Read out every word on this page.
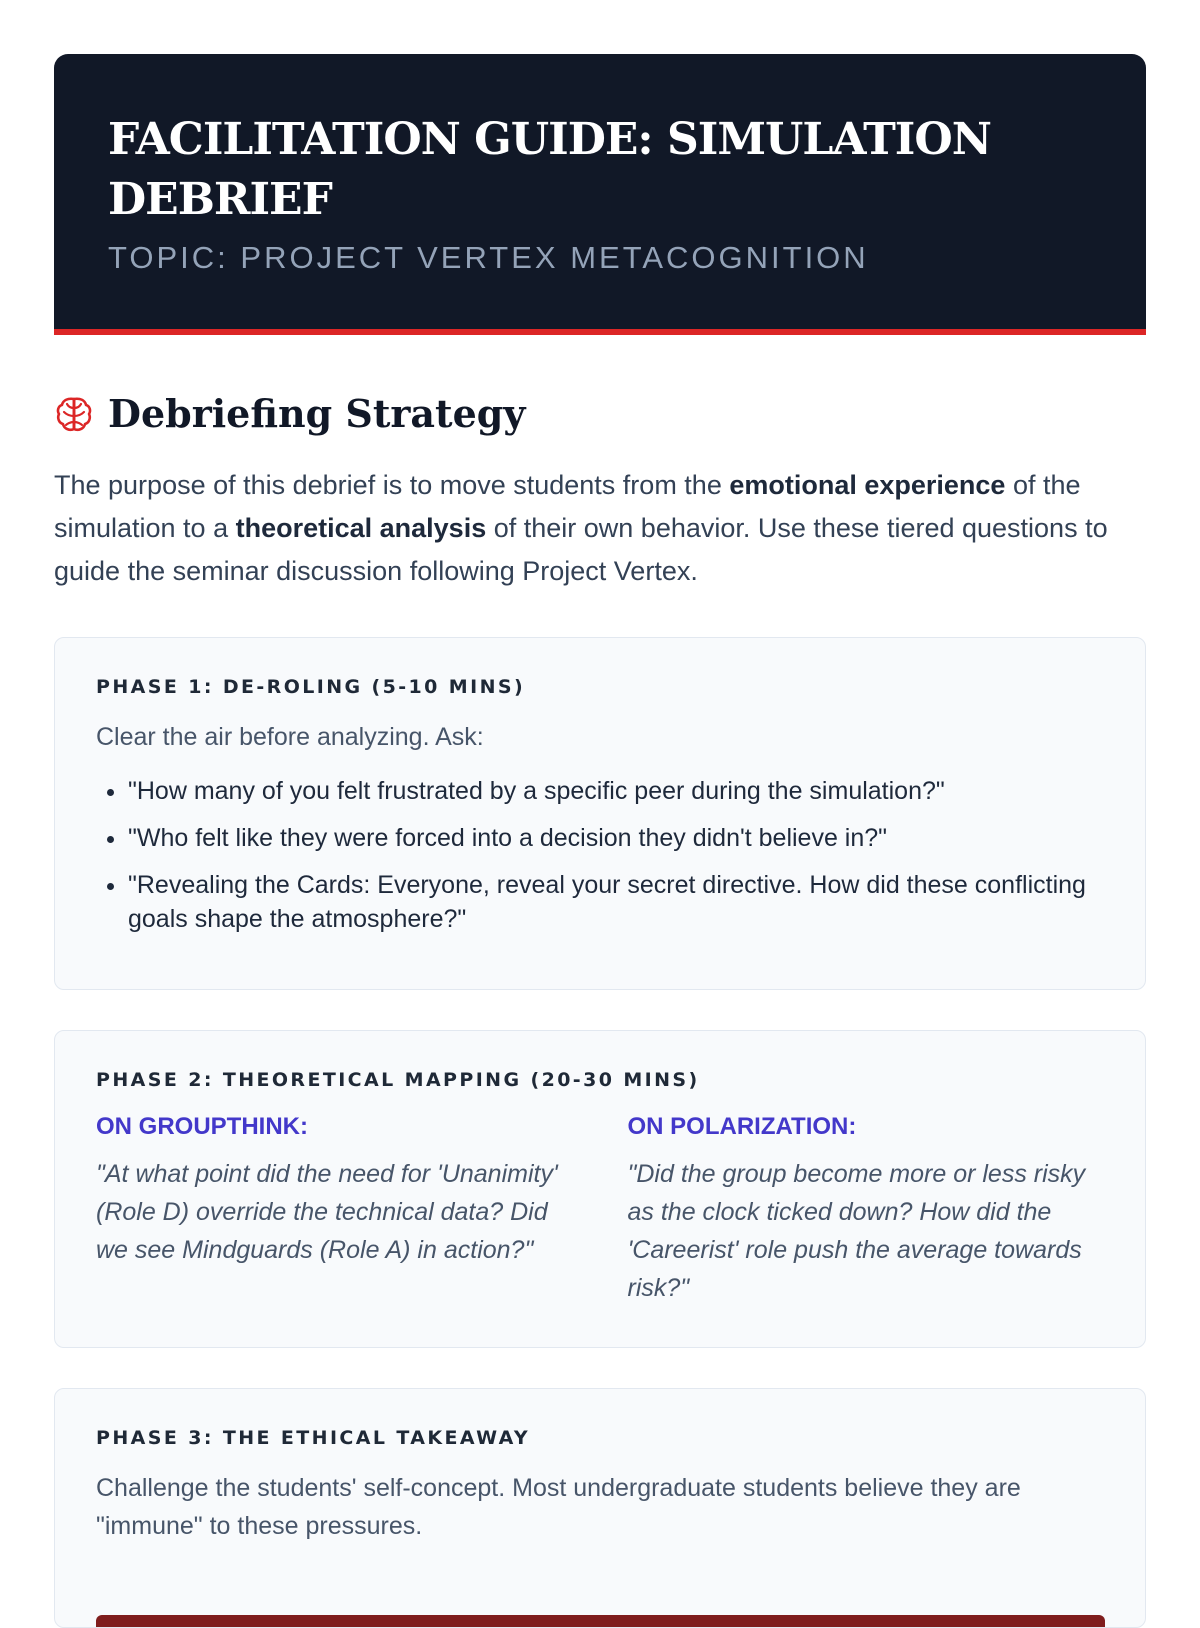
FACILITATION GUIDE: SIMULATION DEBRIEF
TOPIC: PROJECT VERTEX METACOGNITION
Debriefing Strategy

The purpose of this debrief is to move students from the emotional experience of the simulation to a theoretical analysis of their own behavior. Use these tiered questions to guide the seminar discussion following Project Vertex.

PHASE 1: DE-ROLING (5-10 MINS)
Clear the air before analyzing. Ask:
• "How many of you felt frustrated by a specific peer during the simulation?"
• "Who felt like they were forced into a decision they didn't believe in?"
• "Revealing the Cards: Everyone, reveal your secret directive. How did these conflicting goals shape the atmosphere?"
PHASE 2: THEORETICAL MAPPING (20-30 MINS)
ON GROUPTHINK:
"At what point did the need for 'Unanimity' (Role D) override the technical data? Did we see Mindguards (Role A) in action?"
ON POLARIZATION:
"Did the group become more or less risky as the clock ticked down? How did the 'Careerist' role push the average towards risk?"
PHASE 3: THE ETHICAL TAKEAWAY
Challenge the students' self-concept. Most undergraduate students believe they are "immune" to these pressures.
